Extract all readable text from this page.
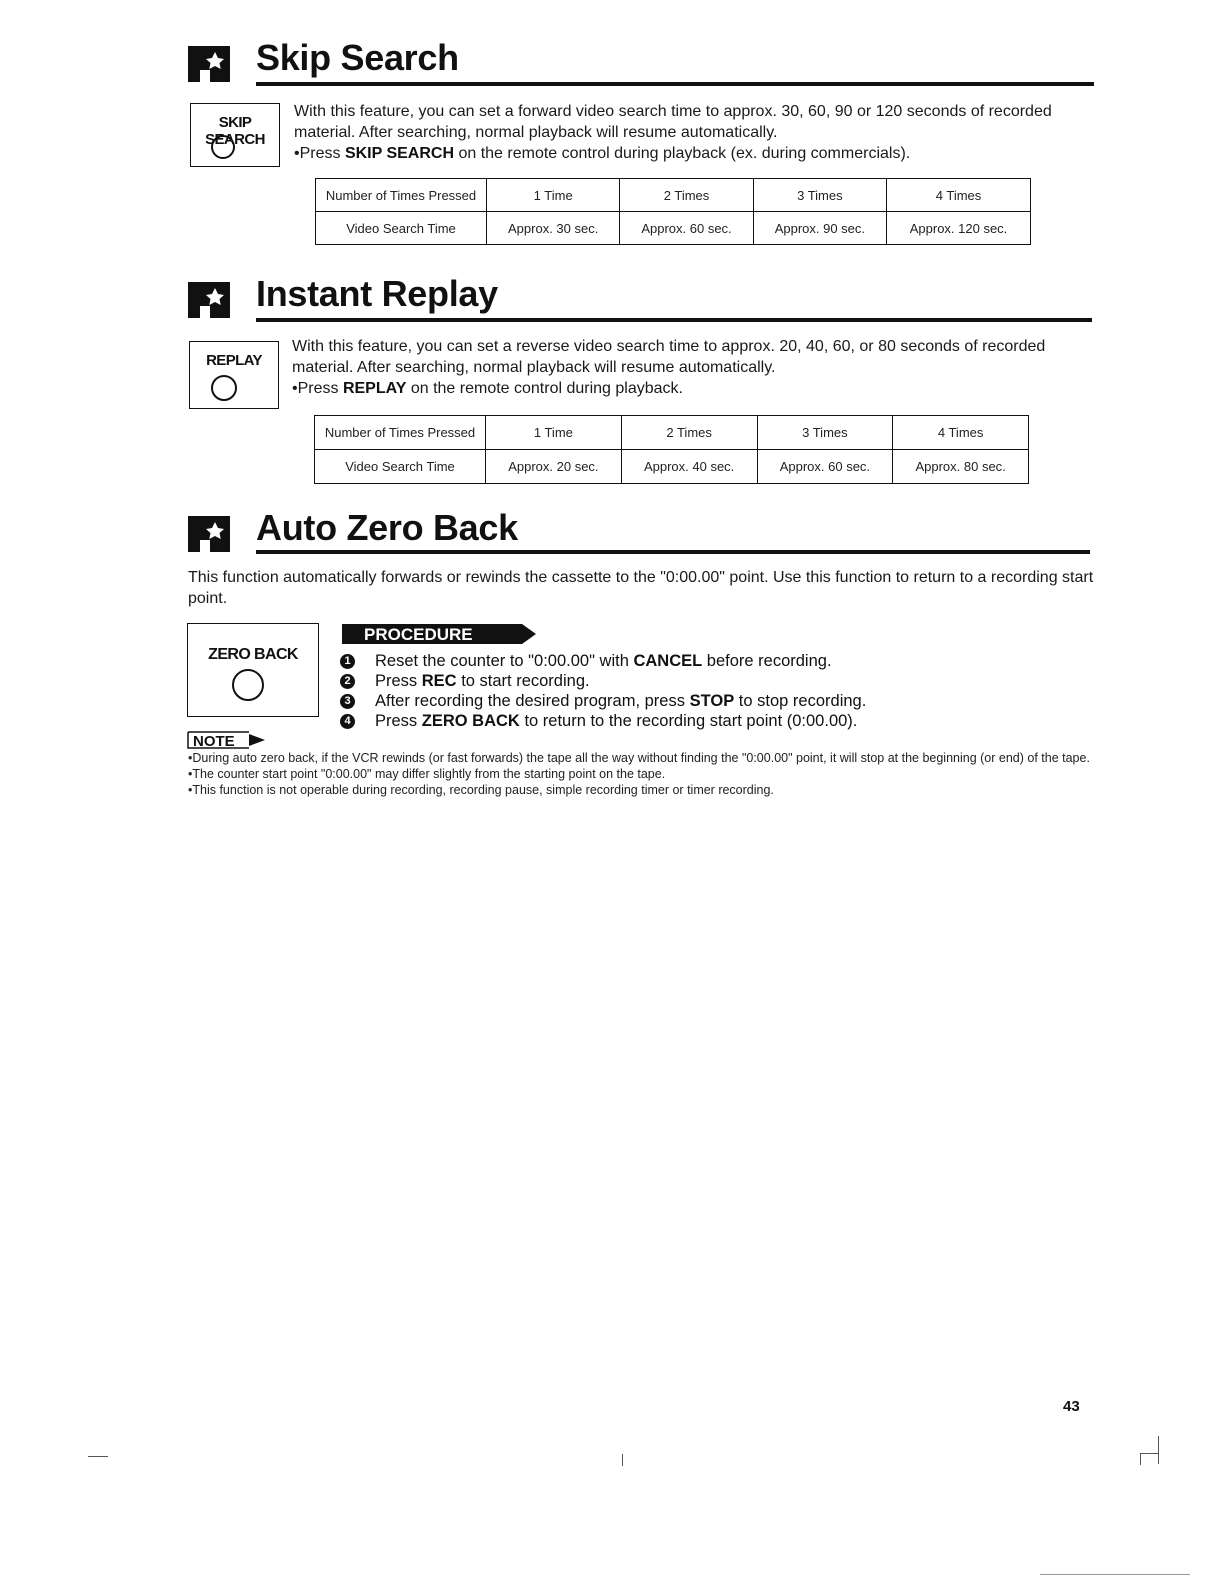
Skip Search
SKIP SEARCH
With this feature, you can set a forward video search time to approx. 30, 60, 90 or 120 seconds of recorded material. After searching, normal playback will resume automatically.
•Press SKIP SEARCH on the remote control during playback (ex. during commercials).
Number of Times Pressed	1 Time	2 Times	3 Times	4 Times
Video Search Time	Approx. 30 sec.	Approx. 60 sec.	Approx. 90 sec.	Approx. 120 sec.
Instant Replay
REPLAY
With this feature, you can set a reverse video search time to approx. 20, 40, 60, or 80 seconds of recorded material. After searching, normal playback will resume automatically.
•Press REPLAY on the remote control during playback.
Number of Times Pressed	1 Time	2 Times	3 Times	4 Times
Video Search Time	Approx. 20 sec.	Approx. 40 sec.	Approx. 60 sec.	Approx. 80 sec.
Auto Zero Back
This function automatically forwards or rewinds the cassette to the "0:00.00" point. Use this function to return to a recording start point.
ZERO BACK
PROCEDURE
1 Reset the counter to "0:00.00" with CANCEL before recording.
2 Press REC to start recording.
3 After recording the desired program, press STOP to stop recording.
4 Press ZERO BACK to return to the recording start point (0:00.00).
NOTE
•During auto zero back, if the VCR rewinds (or fast forwards) the tape all the way without finding the "0:00.00" point, it will stop at the beginning (or end) of the tape.
•The counter start point "0:00.00" may differ slightly from the starting point on the tape.
•This function is not operable during recording, recording pause, simple recording timer or timer recording.
43
